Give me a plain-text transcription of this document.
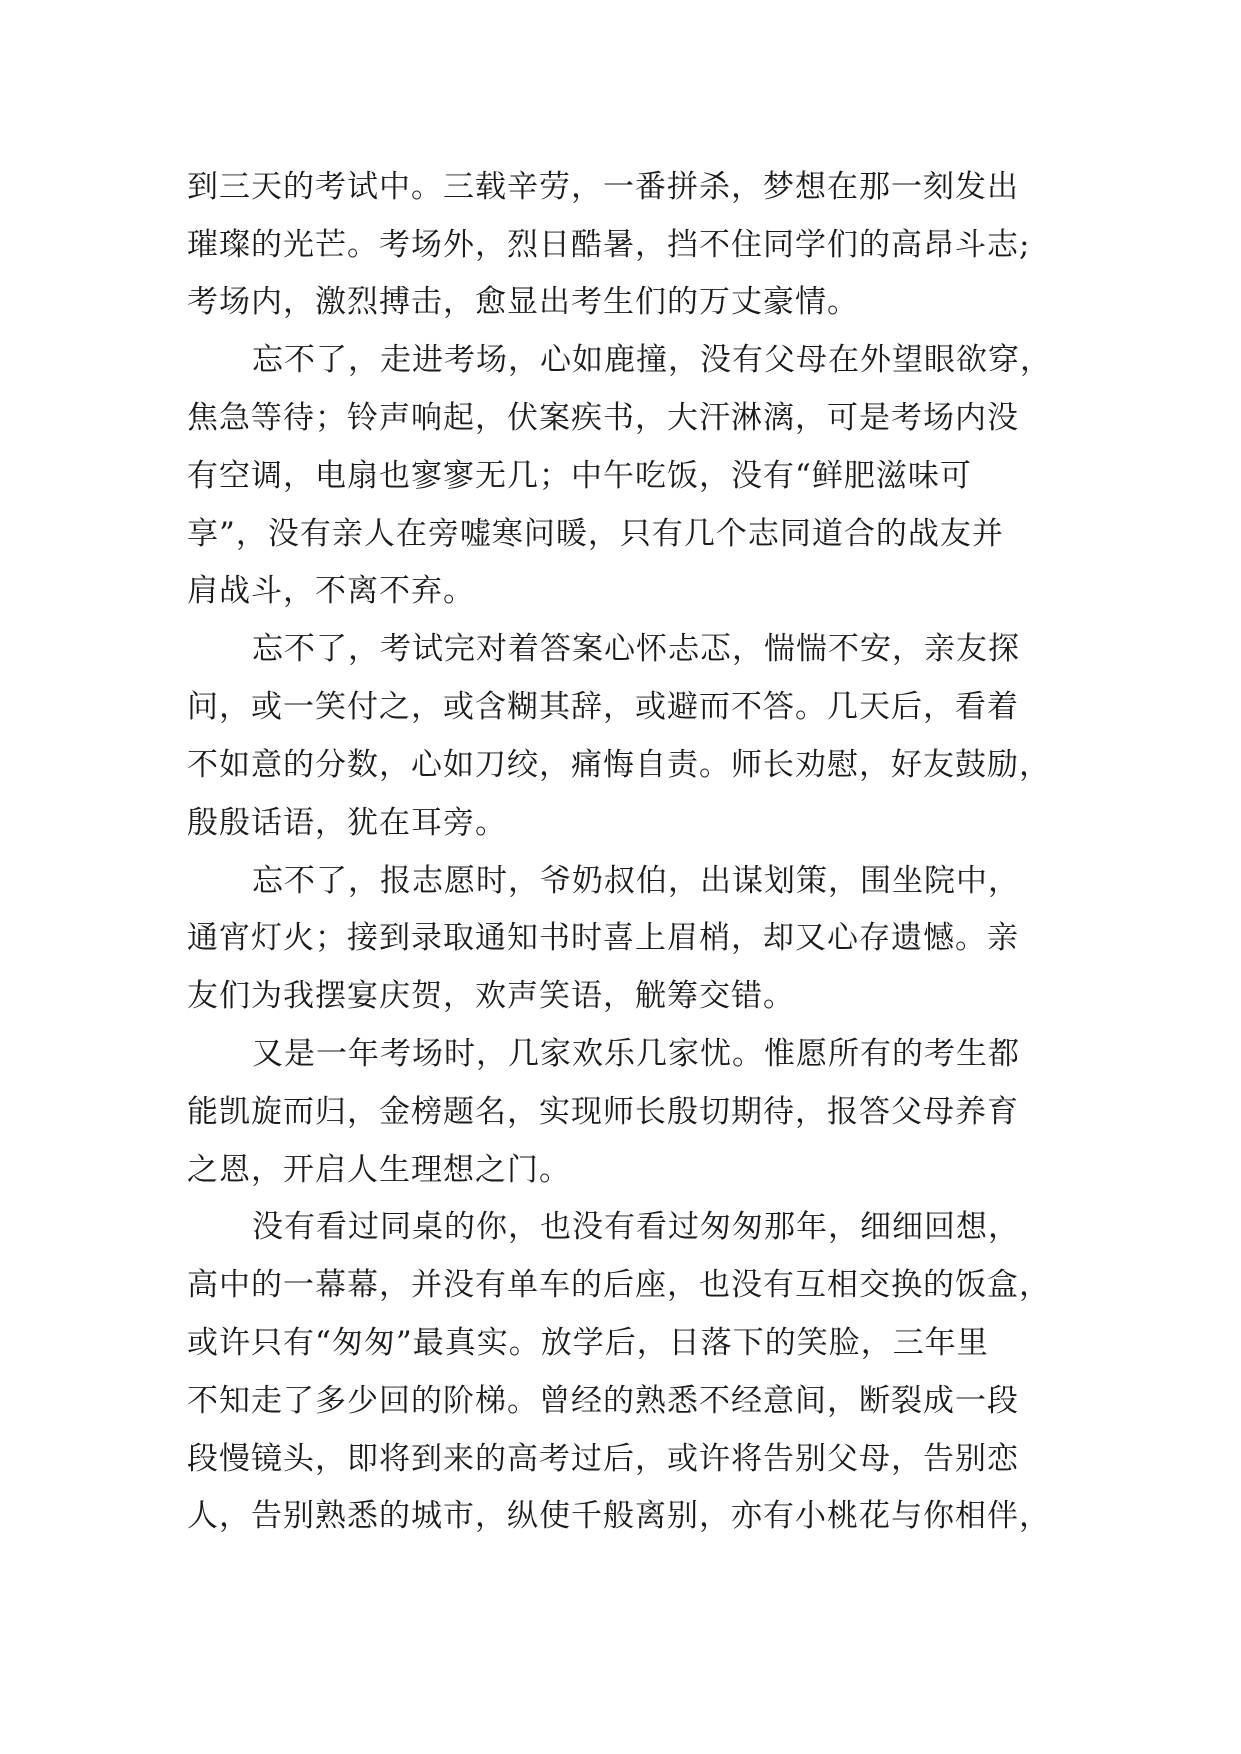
到三天的考试中。三载辛劳，一番拼杀，梦想在那一刻发出
璀璨的光芒。考场外，烈日酷暑，挡不住同学们的高昂斗志;
考场内，激烈搏击，愈显出考生们的万丈豪情。
忘不了，走进考场，心如鹿撞，没有父母在外望眼欲穿，
焦急等待；铃声响起，伏案疾书，大汗淋漓，可是考场内没
有空调，电扇也寥寥无几；中午吃饭，没有“鲜肥滋味可
享”，没有亲人在旁嘘寒问暖，只有几个志同道合的战友并
肩战斗，不离不弃。
忘不了，考试完对着答案心怀忐忑，惴惴不安，亲友探
问，或一笑付之，或含糊其辞，或避而不答。几天后，看着
不如意的分数，心如刀绞，痛悔自责。师长劝慰，好友鼓励，
殷殷话语，犹在耳旁。
忘不了，报志愿时，爷奶叔伯，出谋划策，围坐院中，
通宵灯火；接到录取通知书时喜上眉梢，却又心存遗憾。亲
友们为我摆宴庆贺，欢声笑语，觥筹交错。
又是一年考场时，几家欢乐几家忧。惟愿所有的考生都
能凯旋而归，金榜题名，实现师长殷切期待，报答父母养育
之恩，开启人生理想之门。
没有看过同桌的你，也没有看过匆匆那年，细细回想，
高中的一幕幕，并没有单车的后座，也没有互相交换的饭盒，
或许只有“匆匆”最真实。放学后，日落下的笑脸，三年里
不知走了多少回的阶梯。曾经的熟悉不经意间，断裂成一段
段慢镜头，即将到来的高考过后，或许将告别父母，告别恋
人，告别熟悉的城市，纵使千般离别，亦有小桃花与你相伴，
